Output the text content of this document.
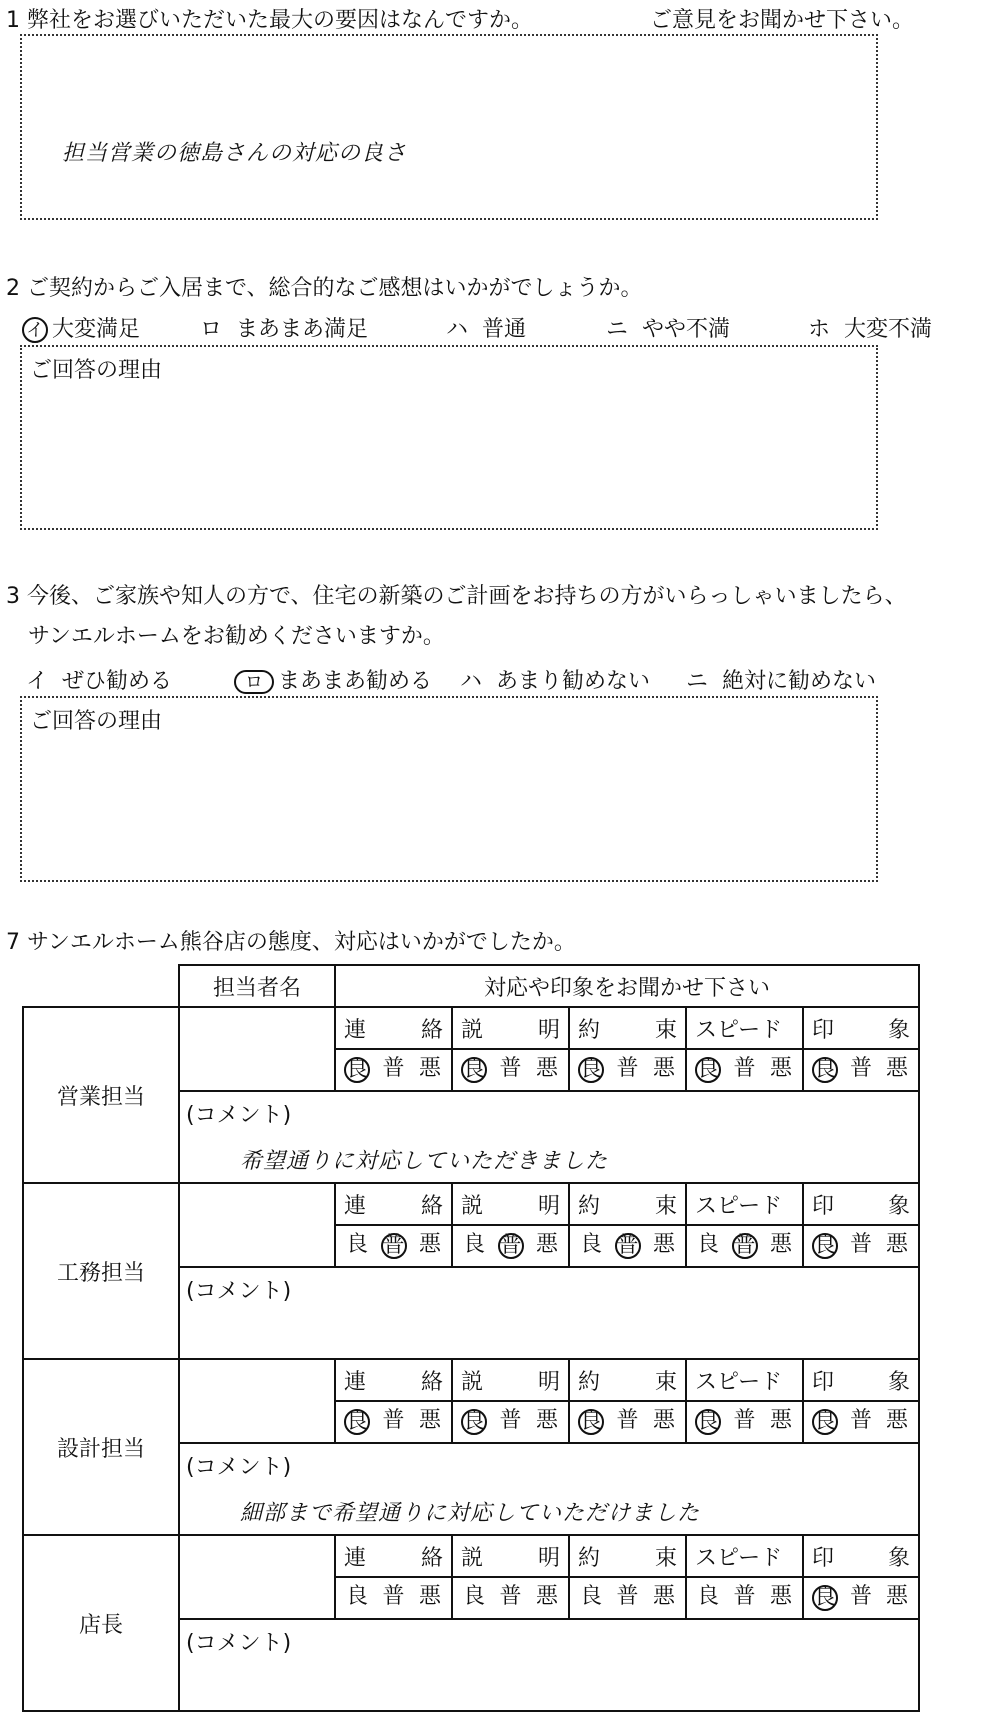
1 弊社をお選びいただいた最大の要因はなんですか。	ご意見をお聞かせ下さい。
担当営業の徳島さんの対応の良さ
2 ご契約からご入居まで、総合的なご感想はいかがでしょうか。
イ 大変満足	ロ まあまあ満足	ハ 普通	ニ やや不満	ホ 大変不満
ご回答の理由
3 今後、ご家族や知人の方で、住宅の新築のご計画をお持ちの方がいらっしゃいましたら、
サンエルホームをお勧めくださいますか。
イ ぜひ勧める	ロ まあまあ勧める ハ あまり勧めない ニ 絶対に勧めない
ご回答の理由
7 サンエルホーム熊谷店の態度、対応はいかがでしたか。
	担当者名	対応や印象をお聞かせ下さい				
営業担当		連 絡	説 明	約 束	スピード	印 象

		良 普 悪	良 普 悪	良 普 悪	良 普 悪	良 普 悪

	(コメント)
希望通りに対応していただきました					

工務担当		連 絡	説 明	約 束	スピード	印 象

		良 普 悪	良 普 悪	良 普 悪	良 普 悪	良 普 悪

	(コメント)					

設計担当		連 絡	説 明	約 束	スピード	印 象

		良 普 悪	良 普 悪	良 普 悪	良 普 悪	良 普 悪

	(コメント)
細部まで希望通りに対応していただけました					

店長		連 絡	説 明	約 束	スピード	印 象

		良 普 悪	良 普 悪	良 普 悪	良 普 悪	良 普 悪

	(コメント)					
